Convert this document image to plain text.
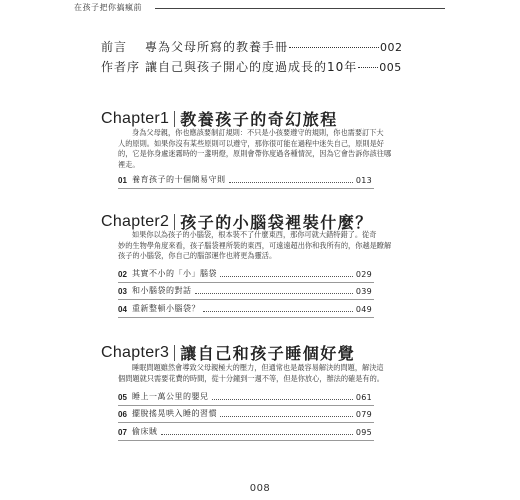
在孩子把你搞瘋前
前言	專為父母所寫的教養手冊	002
作者序 讓自己與孩子開心的度過成長的10年 005
Chapter1 教養孩子的奇幻旅程
身為父母親，你也應該要制訂規則：不只是小孩要遵守的規則，你也需要訂下大
人的原則。如果你沒有某些原則可以遵守，那你很可能在過程中迷失自己，原則是好
的，它是你身處迷霧時的一盞明燈，原則會帶你度過各種情況，因為它會告訴你該往哪
裡走。
01 養育孩子的十個簡易守則	013
Chapter2 孩子的小腦袋裡裝什麼？
如果你以為孩子的小腦袋，根本裝不了什麼東西，那你可就大錯特錯了。從奇
妙的生物學角度來看，孩子腦袋裡所裝的東西，可遠遠超出你和我所有的，你越是瞭解
孩子的小腦袋，你自己的腦部運作也將更為靈活。
02 其實不小的「小」腦袋	029
03 和小腦袋的對話	039
04 重新整頓小腦袋？	049
Chapter3 讓自己和孩子睡個好覺
睡眠問題雖然會導致父母親極大的壓力，但通常也是最容易解決的問題，解決這
個問題就只需要花費的時間，從十分鐘到一週不等，但是你放心，辦法的確是有的。
05 睡上一萬公里的嬰兒	061
06 擺脫搖晃哄入睡的習慣	079
07 偷床賊	095
008
